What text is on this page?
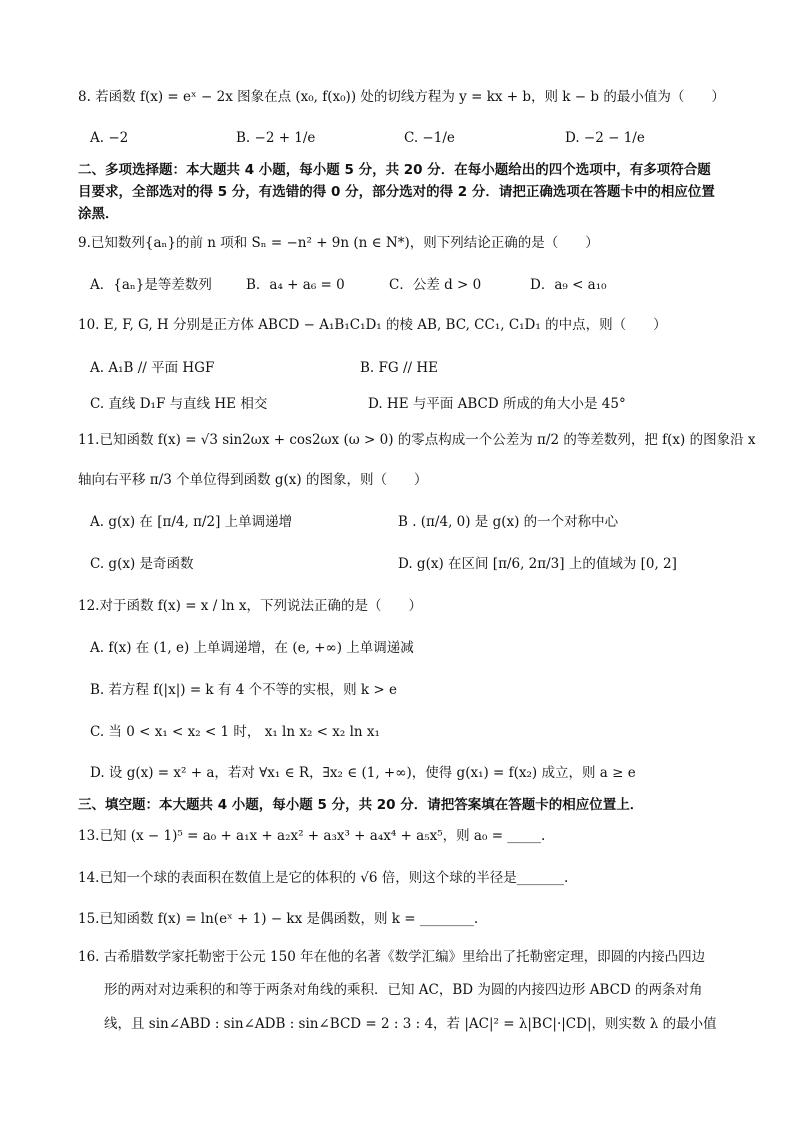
8. 若函数 f(x) = eˣ − 2x 图象在点 (x₀, f(x₀)) 处的切线方程为 y = kx + b，则 k − b 的最小值为（　　）
A. −2	B. −2 + 1/e	C. −1/e	D. −2 − 1/e
二、多项选择题：本大题共 4 小题，每小题 5 分，共 20 分．在每小题给出的四个选项中，有多项符合题
目要求，全部选对的得 5 分，有选错的得 0 分，部分选对的得 2 分．请把正确选项在答题卡中的相应位置
涂黑．
9.已知数列{aₙ}的前 n 项和 Sₙ = −n² + 9n (n ∈ N*)，则下列结论正确的是（　　）
A．{aₙ}是等差数列	B．a₄ + a₆ = 0	C．公差 d > 0	D．a₉ < a₁₀
10. E, F, G, H 分别是正方体 ABCD − A₁B₁C₁D₁ 的棱 AB, BC, CC₁, C₁D₁ 的中点，则（　　）
A. A₁B // 平面 HGF	B. FG // HE
C. 直线 D₁F 与直线 HE 相交	D. HE 与平面 ABCD 所成的角大小是 45°
11.已知函数 f(x) = √3 sin2ωx + cos2ωx (ω > 0) 的零点构成一个公差为 π/2 的等差数列，把 f(x) 的图象沿 x
轴向右平移 π/3 个单位得到函数 g(x) 的图象，则（　　）
A. g(x) 在 [π/4, π/2] 上单调递增	B . (π/4, 0) 是 g(x) 的一个对称中心
C. g(x) 是奇函数	D. g(x) 在区间 [π/6, 2π/3] 上的值域为 [0, 2]
12.对于函数 f(x) = x / ln x，下列说法正确的是（　　）
A. f(x) 在 (1, e) 上单调递增，在 (e, +∞) 上单调递减
B. 若方程 f(|x|) = k 有 4 个不等的实根，则 k > e
C. 当 0 < x₁ < x₂ < 1 时， x₁ ln x₂ < x₂ ln x₁
D. 设 g(x) = x² + a，若对 ∀x₁ ∈ R，∃x₂ ∈ (1, +∞)，使得 g(x₁) = f(x₂) 成立，则 a ≥ e
三、填空题：本大题共 4 小题，每小题 5 分，共 20 分．请把答案填在答题卡的相应位置上．
13.已知 (x − 1)⁵ = a₀ + a₁x + a₂x² + a₃x³ + a₄x⁴ + a₅x⁵，则 a₀ = _____.
14.已知一个球的表面积在数值上是它的体积的 √6 倍，则这个球的半径是_______.
15.已知函数 f(x) = ln(eˣ + 1) − kx 是偶函数，则 k = ________.
16. 古希腊数学家托勒密于公元 150 年在他的名著《数学汇编》里给出了托勒密定理，即圆的内接凸四边
形的两对对边乘积的和等于两条对角线的乘积．已知 AC，BD 为圆的内接四边形 ABCD 的两条对角
线，且 sin∠ABD : sin∠ADB : sin∠BCD = 2 : 3 : 4，若 |AC|² = λ|BC|·|CD|，则实数 λ 的最小值
